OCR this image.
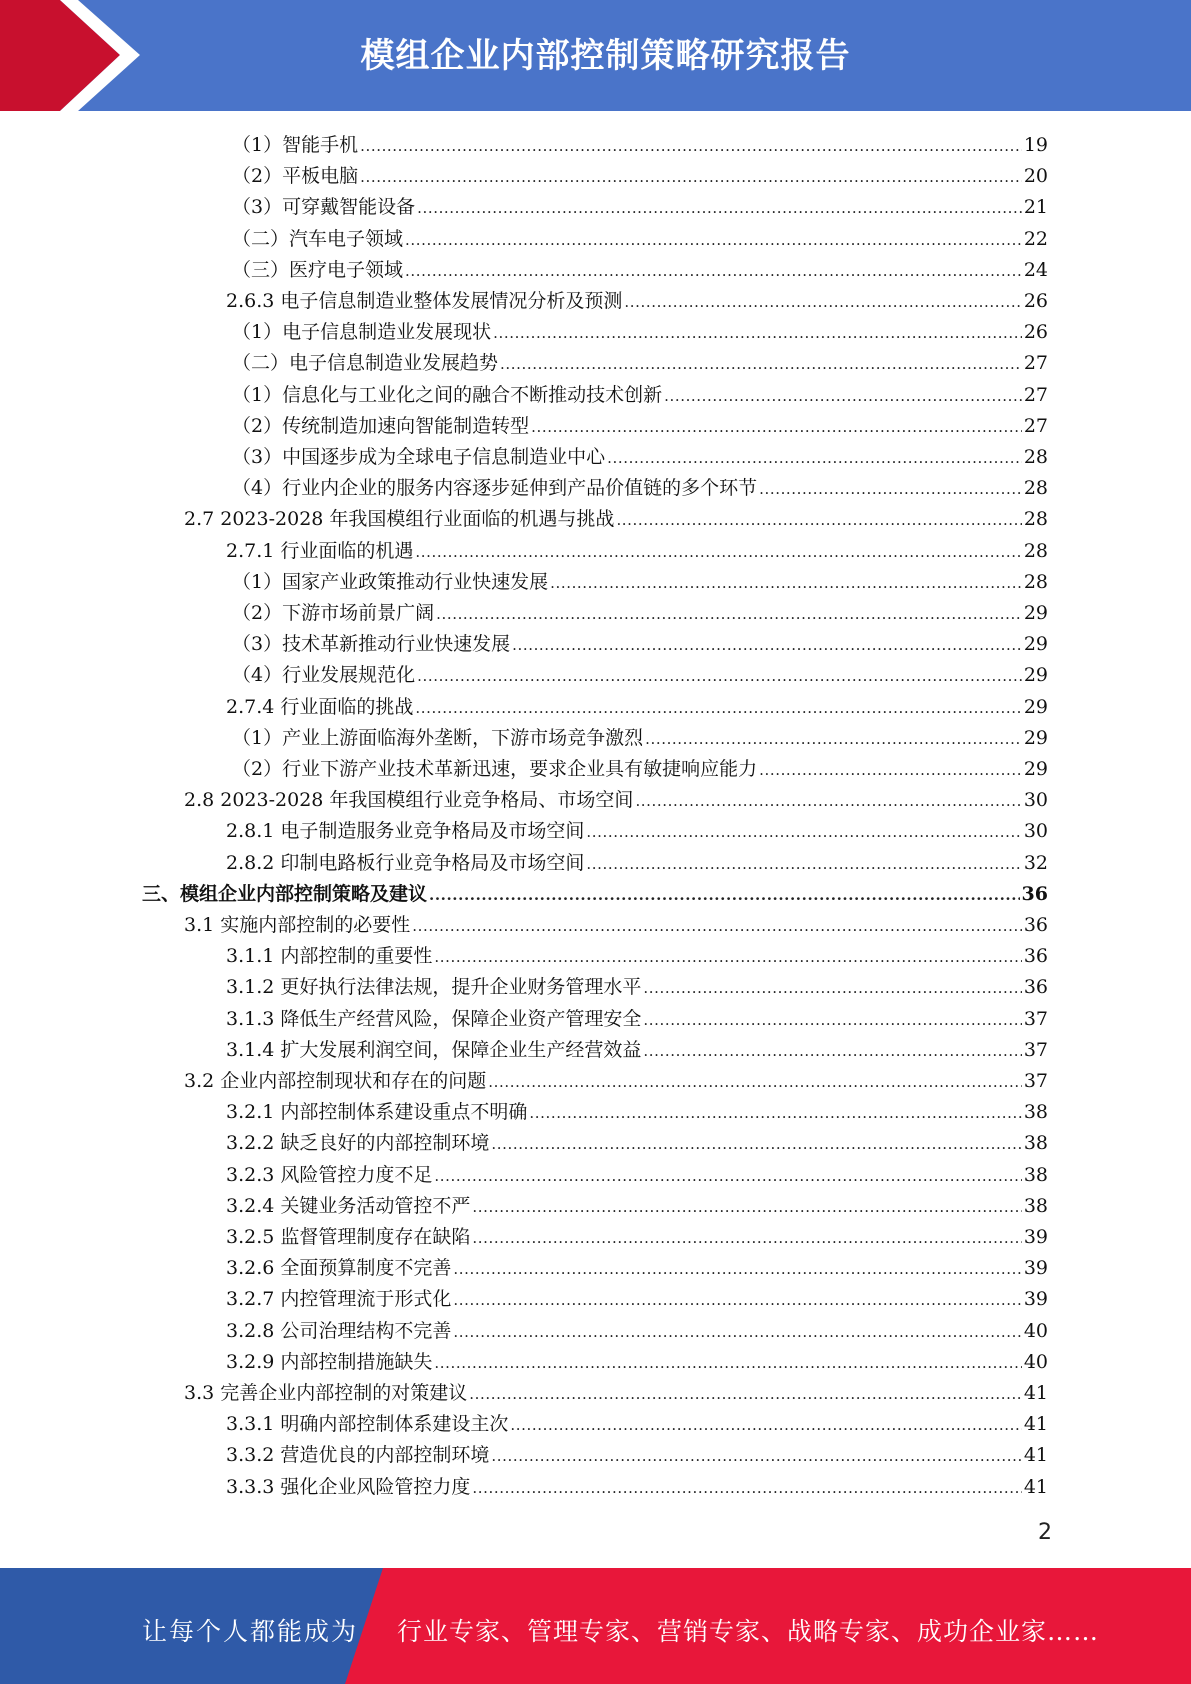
模组企业内部控制策略研究报告
（1）智能手机 .....	19
（2）平板电脑 .....	20
（3）可穿戴智能设备 .....	21
（二）汽车电子领域 .....	22
（三）医疗电子领域 .....	24
2.6.3 电子信息制造业整体发展情况分析及预测 .....	26
（1）电子信息制造业发展现状 .....	26
（二）电子信息制造业发展趋势 .....	27
（1）信息化与工业化之间的融合不断推动技术创新 .....	27
（2）传统制造加速向智能制造转型 .....	27
（3）中国逐步成为全球电子信息制造业中心 .....	28
（4）行业内企业的服务内容逐步延伸到产品价值链的多个环节 .....	28
2.7 2023-2028 年我国模组行业面临的机遇与挑战 .....	28
2.7.1 行业面临的机遇 .....	28
（1）国家产业政策推动行业快速发展 .....	28
（2）下游市场前景广阔 .....	29
（3）技术革新推动行业快速发展 .....	29
（4）行业发展规范化 .....	29
2.7.4 行业面临的挑战 .....	29
（1）产业上游面临海外垄断，下游市场竞争激烈 .....	29
（2）行业下游产业技术革新迅速，要求企业具有敏捷响应能力 .....	29
2.8 2023-2028 年我国模组行业竞争格局、市场空间 .....	30
2.8.1 电子制造服务业竞争格局及市场空间 .....	30
2.8.2 印制电路板行业竞争格局及市场空间 .....	32
三、模组企业内部控制策略及建议 .....	36
3.1 实施内部控制的必要性 .....	36
3.1.1 内部控制的重要性 .....	36
3.1.2 更好执行法律法规，提升企业财务管理水平 .....	36
3.1.3 降低生产经营风险，保障企业资产管理安全 .....	37
3.1.4 扩大发展利润空间，保障企业生产经营效益 .....	37
3.2 企业内部控制现状和存在的问题 .....	37
3.2.1 内部控制体系建设重点不明确 .....	38
3.2.2 缺乏良好的内部控制环境 .....	38
3.2.3 风险管控力度不足 .....	38
3.2.4 关键业务活动管控不严 .....	38
3.2.5 监督管理制度存在缺陷 .....	39
3.2.6 全面预算制度不完善 .....	39
3.2.7 内控管理流于形式化 .....	39
3.2.8 公司治理结构不完善 .....	40
3.2.9 内部控制措施缺失 .....	40
3.3 完善企业内部控制的对策建议 .....	41
3.3.1 明确内部控制体系建设主次 .....	41
3.3.2 营造优良的内部控制环境 .....	41
3.3.3 强化企业风险管控力度 .....	41
2
让每个人都能成为 行业专家、管理专家、营销专家、战略专家、成功企业家……
